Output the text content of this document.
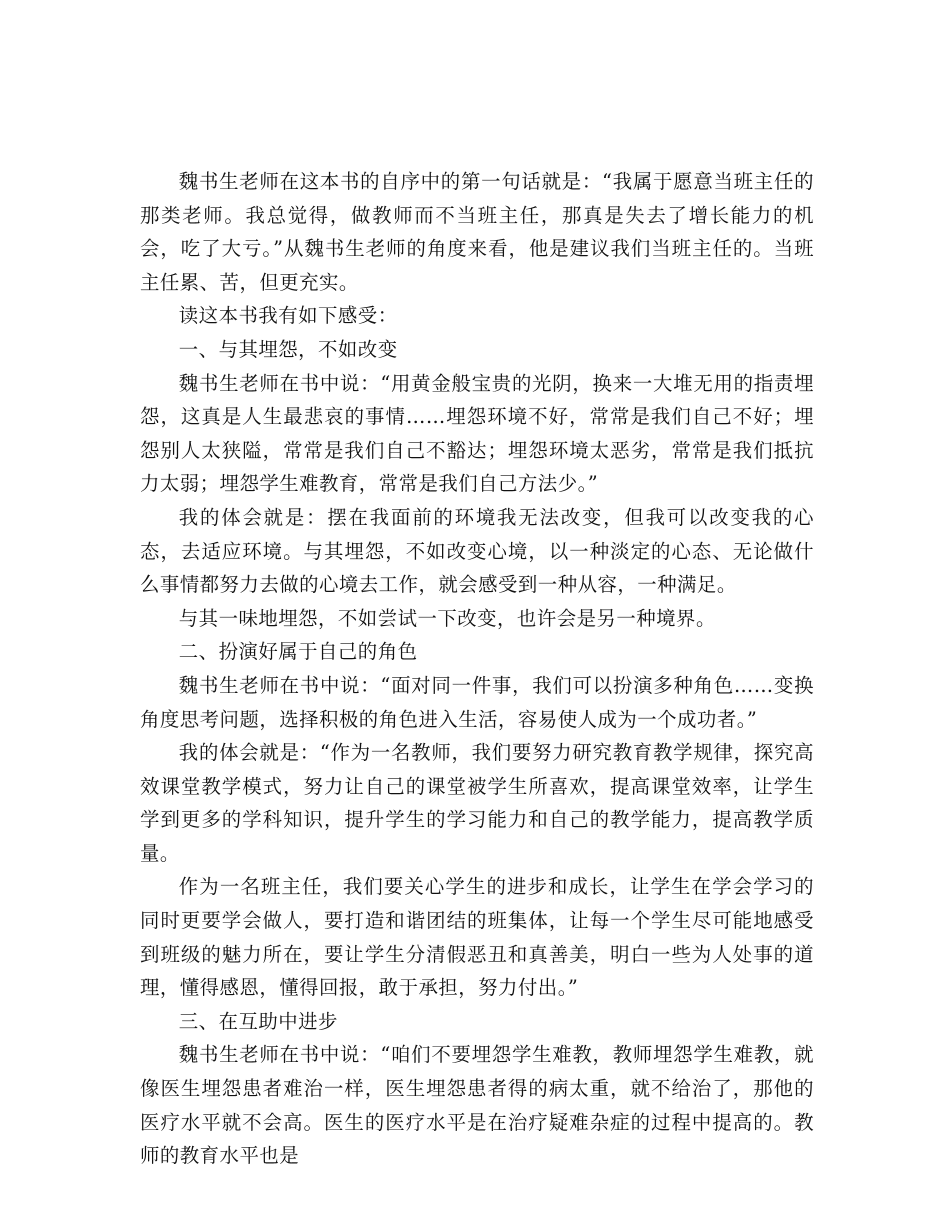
魏书生老师在这本书的自序中的第一句话就是：“我属于愿意当班主任的那类老师。我总觉得，做教师而不当班主任，那真是失去了增长能力的机会，吃了大亏。”从魏书生老师的角度来看，他是建议我们当班主任的。当班主任累、苦，但更充实。

读这本书我有如下感受：

一、与其埋怨，不如改变

魏书生老师在书中说：“用黄金般宝贵的光阴，换来一大堆无用的指责埋怨，这真是人生最悲哀的事情……埋怨环境不好，常常是我们自己不好；埋怨别人太狭隘，常常是我们自己不豁达；埋怨环境太恶劣，常常是我们抵抗力太弱；埋怨学生难教育，常常是我们自己方法少。”

我的体会就是：摆在我面前的环境我无法改变，但我可以改变我的心态，去适应环境。与其埋怨，不如改变心境，以一种淡定的心态、无论做什么事情都努力去做的心境去工作，就会感受到一种从容，一种满足。

与其一味地埋怨，不如尝试一下改变，也许会是另一种境界。

二、扮演好属于自己的角色

魏书生老师在书中说：“面对同一件事，我们可以扮演多种角色……变换角度思考问题，选择积极的角色进入生活，容易使人成为一个成功者。”

我的体会就是：“作为一名教师，我们要努力研究教育教学规律，探究高效课堂教学模式，努力让自己的课堂被学生所喜欢，提高课堂效率，让学生学到更多的学科知识，提升学生的学习能力和自己的教学能力，提高教学质量。

作为一名班主任，我们要关心学生的进步和成长，让学生在学会学习的同时更要学会做人，要打造和谐团结的班集体，让每一个学生尽可能地感受到班级的魅力所在，要让学生分清假恶丑和真善美，明白一些为人处事的道理，懂得感恩，懂得回报，敢于承担，努力付出。”

三、在互助中进步

魏书生老师在书中说：“咱们不要埋怨学生难教，教师埋怨学生难教，就像医生埋怨患者难治一样，医生埋怨患者得的病太重，就不给治了，那他的医疗水平就不会高。医生的医疗水平是在治疗疑难杂症的过程中提高的。教师的教育水平也是
